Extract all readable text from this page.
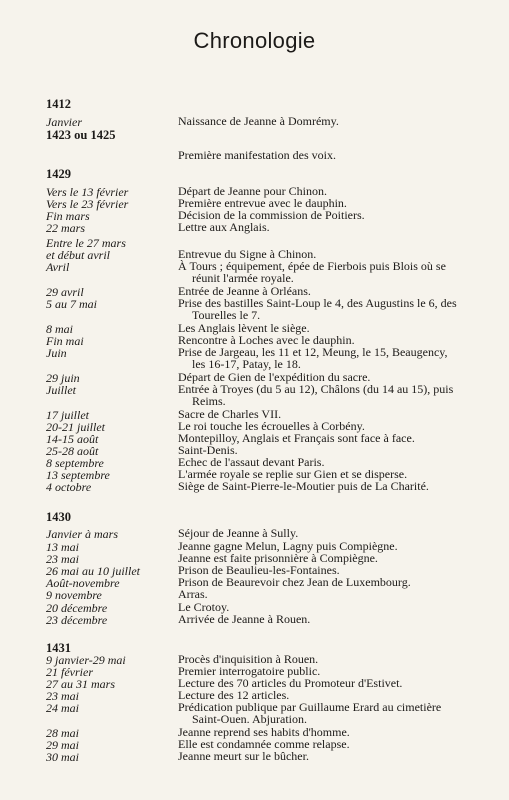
Chronologie
1412
Janvier	Naissance de Jeanne à Domrémy.
1423 ou 1425
Première manifestation des voix.
1429
Vers le 13 février	Départ de Jeanne pour Chinon.
Vers le 23 février	Première entrevue avec le dauphin.
Fin mars	Décision de la commission de Poitiers.
22 mars	Lettre aux Anglais.
Entre le 27 mars
et début avril	Entrevue du Signe à Chinon.
Avril	À Tours ; équipement, épée de Fierbois puis Blois où se
réunit l'armée royale.
29 avril	Entrée de Jeanne à Orléans.
5 au 7 mai	Prise des bastilles Saint-Loup le 4, des Augustins le 6, des
Tourelles le 7.
8 mai	Les Anglais lèvent le siège.
Fin mai	Rencontre à Loches avec le dauphin.
Juin	Prise de Jargeau, les 11 et 12, Meung, le 15, Beaugency,
les 16-17, Patay, le 18.
29 juin	Départ de Gien de l'expédition du sacre.
Juillet	Entrée à Troyes (du 5 au 12), Châlons (du 14 au 15), puis
Reims.
17 juillet	Sacre de Charles VII.
20-21 juillet	Le roi touche les écrouelles à Corbény.
14-15 août	Montepilloy, Anglais et Français sont face à face.
25-28 août	Saint-Denis.
8 septembre	Echec de l'assaut devant Paris.
13 septembre	L'armée royale se replie sur Gien et se disperse.
4 octobre	Siège de Saint-Pierre-le-Moutier puis de La Charité.
1430
Janvier à mars	Séjour de Jeanne à Sully.
13 mai	Jeanne gagne Melun, Lagny puis Compiègne.
23 mai	Jeanne est faite prisonnière à Compiègne.
26 mai au 10 juillet	Prison de Beaulieu-les-Fontaines.
Août-novembre	Prison de Beaurevoir chez Jean de Luxembourg.
9 novembre	Arras.
20 décembre	Le Crotoy.
23 décembre	Arrivée de Jeanne à Rouen.
1431
9 janvier-29 mai	Procès d'inquisition à Rouen.
21 février	Premier interrogatoire public.
27 au 31 mars	Lecture des 70 articles du Promoteur d'Estivet.
23 mai	Lecture des 12 articles.
24 mai	Prédication publique par Guillaume Erard au cimetière
Saint-Ouen. Abjuration.
28 mai	Jeanne reprend ses habits d'homme.
29 mai	Elle est condamnée comme relapse.
30 mai	Jeanne meurt sur le bûcher.
